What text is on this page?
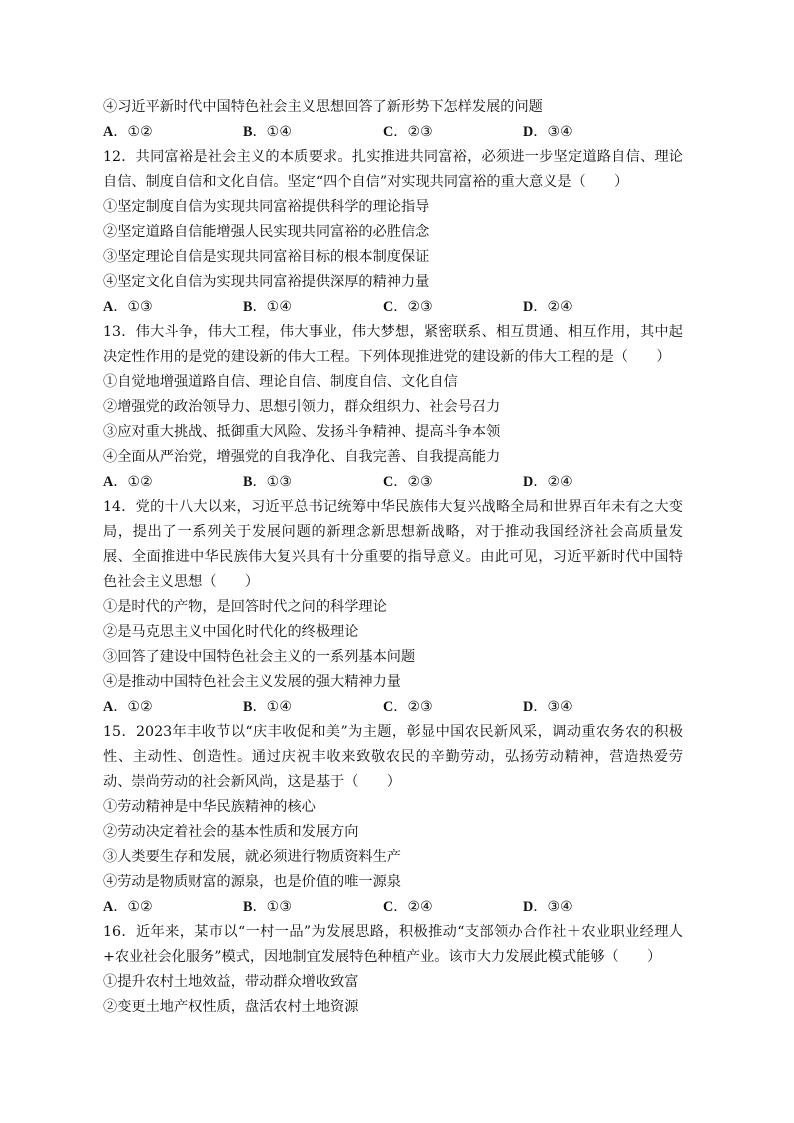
④习近平新时代中国特色社会主义思想回答了新形势下怎样发展的问题
A．①②	B．①④	C．②③	D．③④
12．共同富裕是社会主义的本质要求。扎实推进共同富裕，必须进一步坚定道路自信、理论自信、制度自信和文化自信。坚定“四个自信”对实现共同富裕的重大意义是（　　）
①坚定制度自信为实现共同富裕提供科学的理论指导
②坚定道路自信能增强人民实现共同富裕的必胜信念
③坚定理论自信是实现共同富裕目标的根本制度保证
④坚定文化自信为实现共同富裕提供深厚的精神力量
A．①③	B．①④	C．②③	D．②④
13．伟大斗争，伟大工程，伟大事业，伟大梦想，紧密联系、相互贯通、相互作用，其中起决定性作用的是党的建设新的伟大工程。下列体现推进党的建设新的伟大工程的是（　　）
①自觉地增强道路自信、理论自信、制度自信、文化自信
②增强党的政治领导力、思想引领力，群众组织力、社会号召力
③应对重大挑战、抵御重大风险、发扬斗争精神、提高斗争本领
④全面从严治党，增强党的自我净化、自我完善、自我提高能力
A．①②	B．①③	C．②③	D．②④
14．党的十八大以来，习近平总书记统筹中华民族伟大复兴战略全局和世界百年未有之大变局，提出了一系列关于发展问题的新理念新思想新战略，对于推动我国经济社会高质量发展、全面推进中华民族伟大复兴具有十分重要的指导意义。由此可见，习近平新时代中国特色社会主义思想（　　）
①是时代的产物，是回答时代之问的科学理论
②是马克思主义中国化时代化的终极理论
③回答了建设中国特色社会主义的一系列基本问题
④是推动中国特色社会主义发展的强大精神力量
A．①②	B．①④	C．②③	D．③④
15．2023年丰收节以“庆丰收促和美”为主题，彰显中国农民新风采，调动重农务农的积极性、主动性、创造性。通过庆祝丰收来致敬农民的辛勤劳动，弘扬劳动精神，营造热爱劳动、崇尚劳动的社会新风尚，这是基于（　　）
①劳动精神是中华民族精神的核心
②劳动决定着社会的基本性质和发展方向
③人类要生存和发展，就必须进行物质资料生产
④劳动是物质财富的源泉，也是价值的唯一源泉
A．①②	B．①③	C．②④	D．③④
16．近年来，某市以“一村一品”为发展思路，积极推动“支部领办合作社＋农业职业经理人+农业社会化服务”模式，因地制宜发展特色种植产业。该市大力发展此模式能够（　　）
①提升农村土地效益，带动群众增收致富
②变更土地产权性质，盘活农村土地资源
